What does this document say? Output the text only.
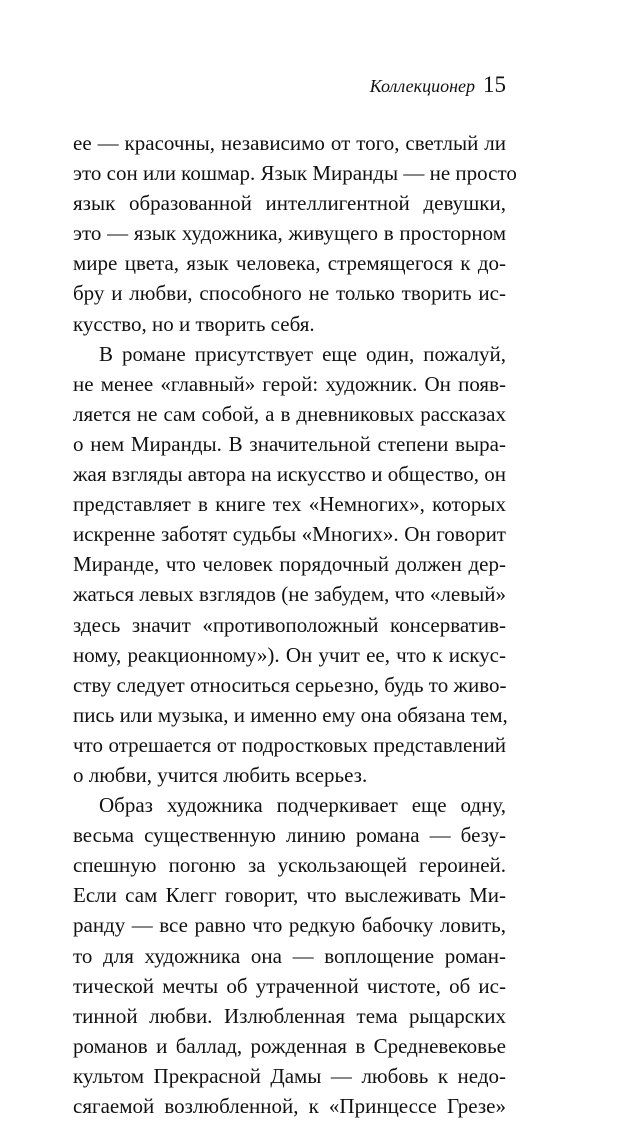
Коллекционер 15
ее — красочны, независимо от того, светлый ли
это сон или кошмар. Язык Миранды — не просто
язык образованной интеллигентной девушки,
это — язык художника, живущего в просторном
мире цвета, язык человека, стремящегося к до-
бру и любви, способного не только творить ис-
кусство, но и творить себя.
В романе присутствует еще один, пожалуй,
не менее «главный» герой: художник. Он появ-
ляется не сам собой, а в дневниковых рассказах
о нем Миранды. В значительной степени выра-
жая взгляды автора на искусство и общество, он
представляет в книге тех «Немногих», которых
искренне заботят судьбы «Многих». Он говорит
Миранде, что человек порядочный должен дер-
жаться левых взглядов (не забудем, что «левый»
здесь значит «противоположный консерватив-
ному, реакционному»). Он учит ее, что к искус-
ству следует относиться серьезно, будь то живо-
пись или музыка, и именно ему она обязана тем,
что отрешается от подростковых представлений
о любви, учится любить всерьез.
Образ художника подчеркивает еще одну,
весьма существенную линию романа — безу-
спешную погоню за ускользающей героиней.
Если сам Клегг говорит, что выслеживать Ми-
ранду — все равно что редкую бабочку ловить,
то для художника она — воплощение роман-
тической мечты об утраченной чистоте, об ис-
тинной любви. Излюбленная тема рыцарских
романов и баллад, рожденная в Средневековье
культом Прекрасной Дамы — любовь к недо-
сягаемой возлюбленной, к «Принцессе Грезе»
